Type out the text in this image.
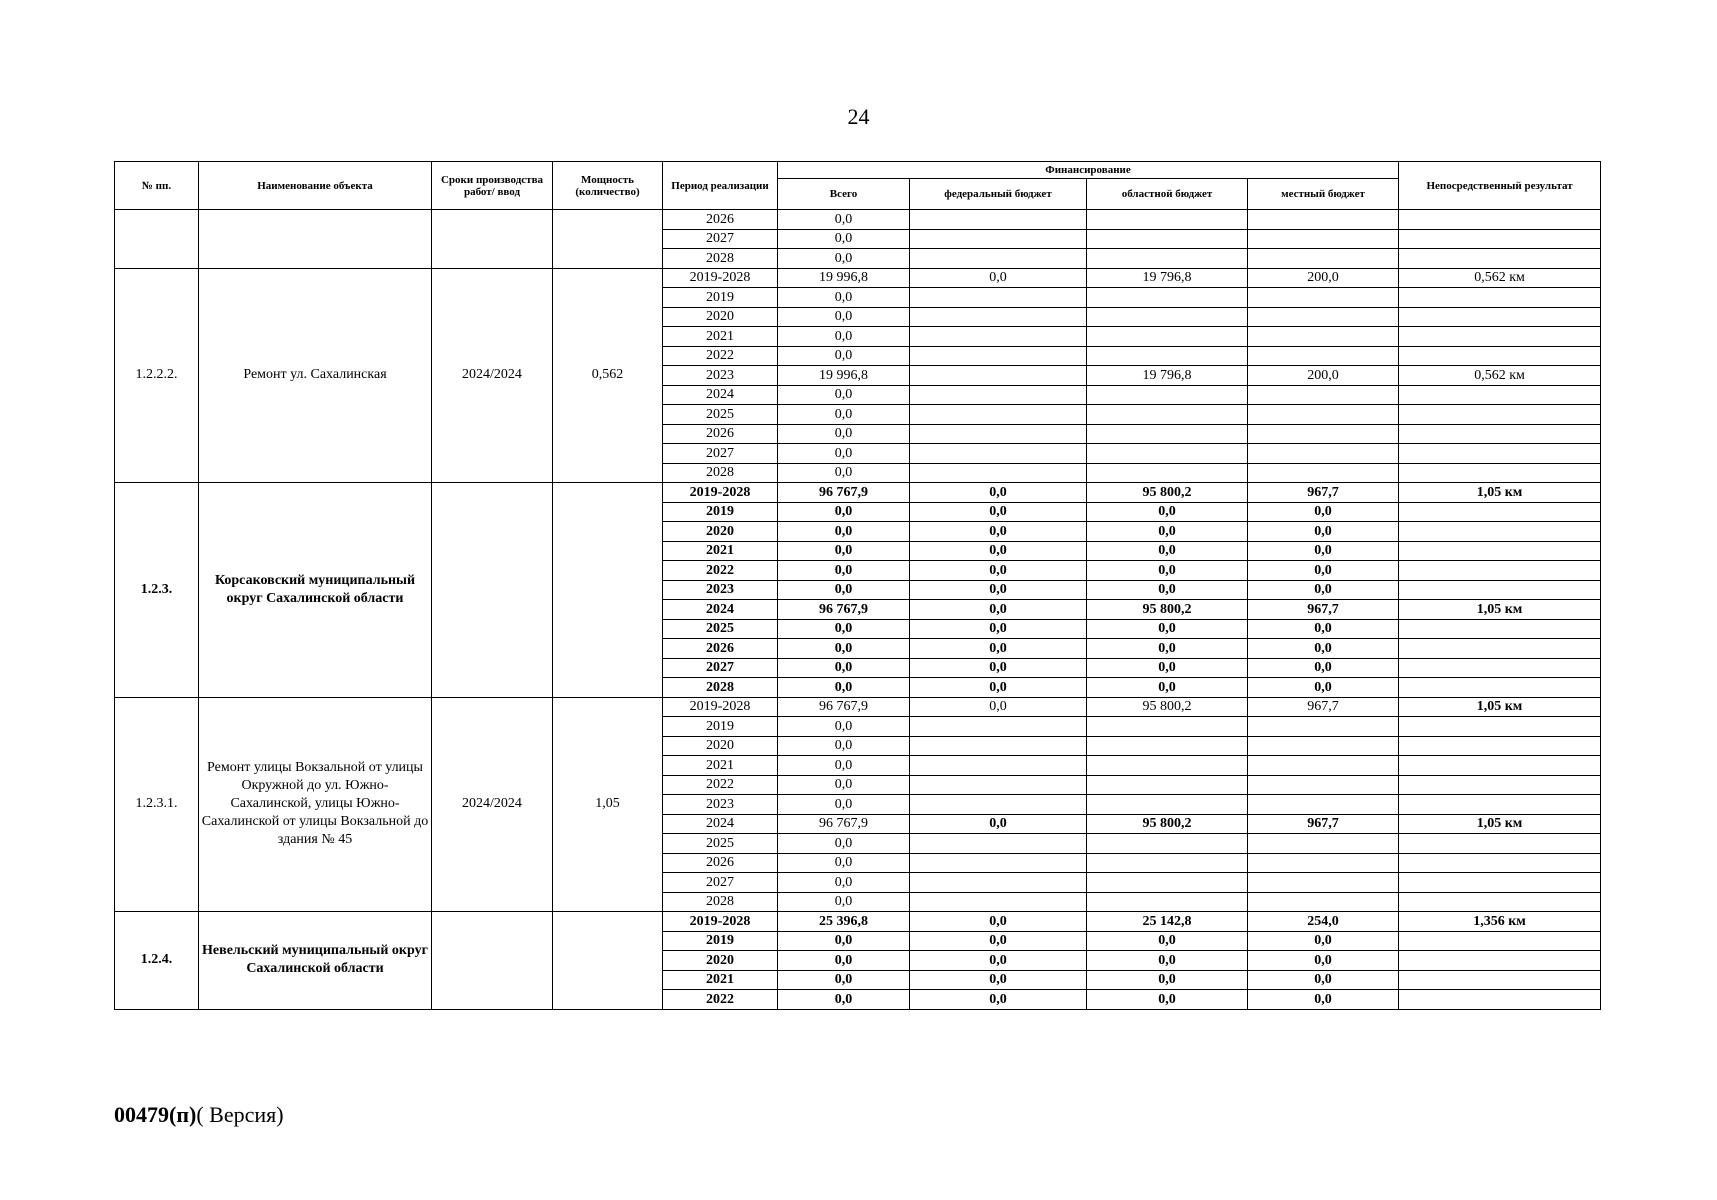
24
№ пп.	Наименование объекта	Сроки производства работ/ ввод	Мощность (количество)	Период реализации	Финансирование				Непосредственный результат
					Всего	федеральный бюджет	областной бюджет	местный бюджет	
				2026	0,0				
				2027	0,0				
				2028	0,0				
1.2.2.2.	Ремонт ул. Сахалинская	2024/2024	0,562	2019-2028	19 996,8	0,0	19 796,8	200,0	0,562 км
				2019	0,0				
				2020	0,0				
				2021	0,0				
				2022	0,0				
				2023	19 996,8		19 796,8	200,0	0,562 км
				2024	0,0				
				2025	0,0				
				2026	0,0				
				2027	0,0				
				2028	0,0				
1.2.3.	Корсаковский муниципальный округ Сахалинской области			2019-2028	96 767,9	0,0	95 800,2	967,7	1,05 км
				2019	0,0	0,0	0,0	0,0	
				2020	0,0	0,0	0,0	0,0	
				2021	0,0	0,0	0,0	0,0	
				2022	0,0	0,0	0,0	0,0	
				2023	0,0	0,0	0,0	0,0	
				2024	96 767,9	0,0	95 800,2	967,7	1,05 км
				2025	0,0	0,0	0,0	0,0	
				2026	0,0	0,0	0,0	0,0	
				2027	0,0	0,0	0,0	0,0	
				2028	0,0	0,0	0,0	0,0	
1.2.3.1.	Ремонт улицы Вокзальной от улицы Окружной до ул. Южно-Сахалинской, улицы Южно-Сахалинской от улицы Вокзальной до здания № 45	2024/2024	1,05	2019-2028	96 767,9	0,0	95 800,2	967,7	1,05 км
				2019	0,0				
				2020	0,0				
				2021	0,0				
				2022	0,0				
				2023	0,0				
				2024	96 767,9	0,0	95 800,2	967,7	1,05 км
				2025	0,0				
				2026	0,0				
				2027	0,0				
				2028	0,0				
1.2.4.	Невельский муниципальный округ Сахалинской области			2019-2028	25 396,8	0,0	25 142,8	254,0	1,356 км
				2019	0,0	0,0	0,0	0,0	
				2020	0,0	0,0	0,0	0,0	
				2021	0,0	0,0	0,0	0,0	
				2022	0,0	0,0	0,0	0,0	
00479(п)( Версия)
